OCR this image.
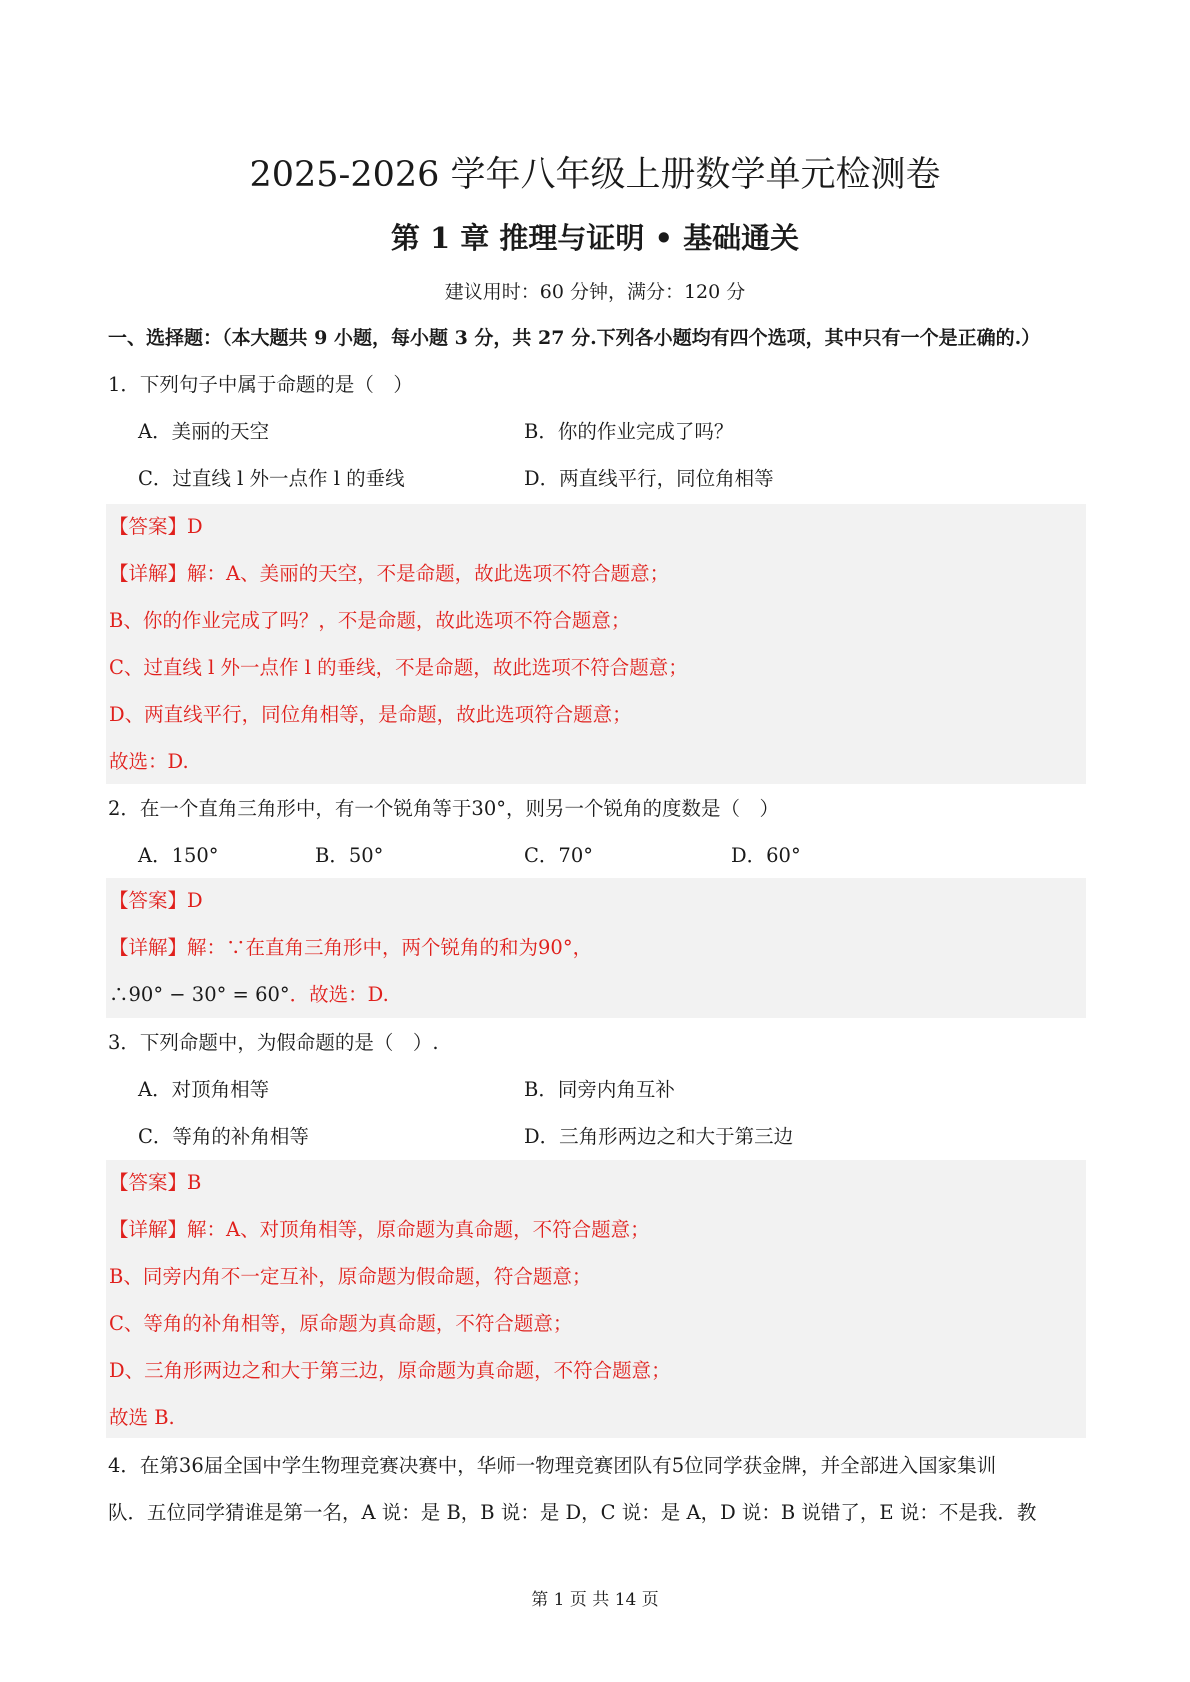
2025-2026 学年八年级上册数学单元检测卷
第 1 章 推理与证明 • 基础通关
建议用时：60 分钟，满分：120 分
一、选择题：（本大题共 9 小题，每小题 3 分，共 27 分.下列各小题均有四个选项，其中只有一个是正确的.）
1．下列句子中属于命题的是（　）
A．美丽的天空	B．你的作业完成了吗？
C．过直线 l 外一点作 l 的垂线	D．两直线平行，同位角相等
【答案】D
【详解】解：A、美丽的天空，不是命题，故此选项不符合题意；
B、你的作业完成了吗？，不是命题，故此选项不符合题意；
C、过直线 l 外一点作 l 的垂线，不是命题，故此选项不符合题意；
D、两直线平行，同位角相等，是命题，故此选项符合题意；
故选：D.
2．在一个直角三角形中，有一个锐角等于30°，则另一个锐角的度数是（　）
A．150°	B．50°	C．70°	D．60°
【答案】D
【详解】解：∵在直角三角形中，两个锐角的和为90°，
∴90° − 30° = 60°．故选：D.
3．下列命题中，为假命题的是（　）.
A．对顶角相等	B．同旁内角互补
C．等角的补角相等	D．三角形两边之和大于第三边
【答案】B
【详解】解：A、对顶角相等，原命题为真命题，不符合题意；
B、同旁内角不一定互补，原命题为假命题，符合题意；
C、等角的补角相等，原命题为真命题，不符合题意；
D、三角形两边之和大于第三边，原命题为真命题，不符合题意；
故选 B.
4．在第36届全国中学生物理竞赛决赛中，华师一物理竞赛团队有5位同学获金牌，并全部进入国家集训
队．五位同学猜谁是第一名，A 说：是 B，B 说：是 D，C 说：是 A，D 说：B 说错了，E 说：不是我．教
第 1 页 共 14 页
